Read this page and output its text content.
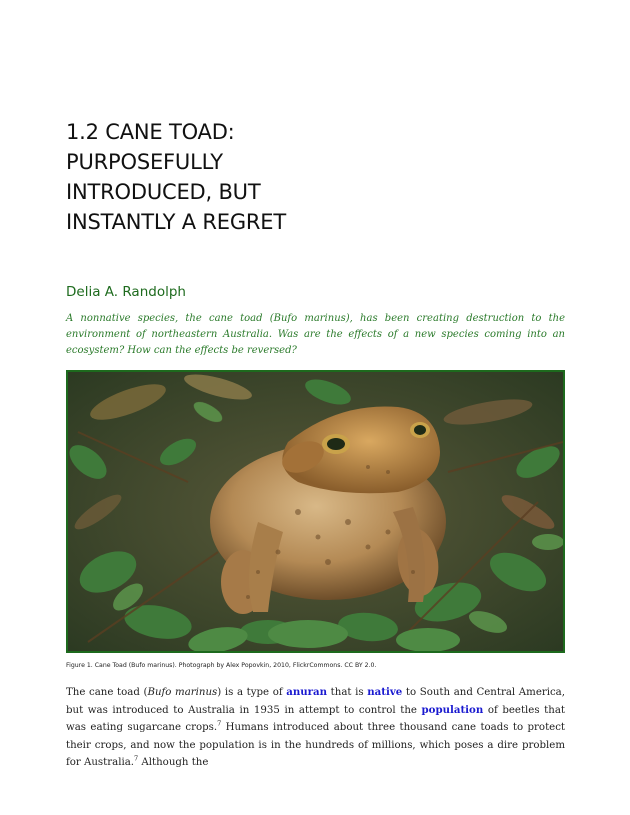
1.2 CANE TOAD:
PURPOSEFULLY
INTRODUCED, BUT
INSTANTLY A REGRET

Delia A. Randolph

A nonnative species, the cane toad (Bufo marinus), has been creating destruction to the environment of northeastern Australia. Was are the effects of a new species coming into an ecosystem? How can the effects be reversed?

Figure 1. Cane Toad (Bufo marinus). Photograph by Alex Popovkin, 2010, FlickrCommons. CC BY 2.0.

The cane toad (Bufo marinus) is a type of anuran that is native to South and Central America, but was introduced to Australia in 1935 in attempt to control the population of beetles that was eating sugarcane crops.$^7$ Humans introduced about three thousand cane toads to protect their crops, and now the population is in the hundreds of millions, which poses a dire problem for Australia.$^7$ Although the
